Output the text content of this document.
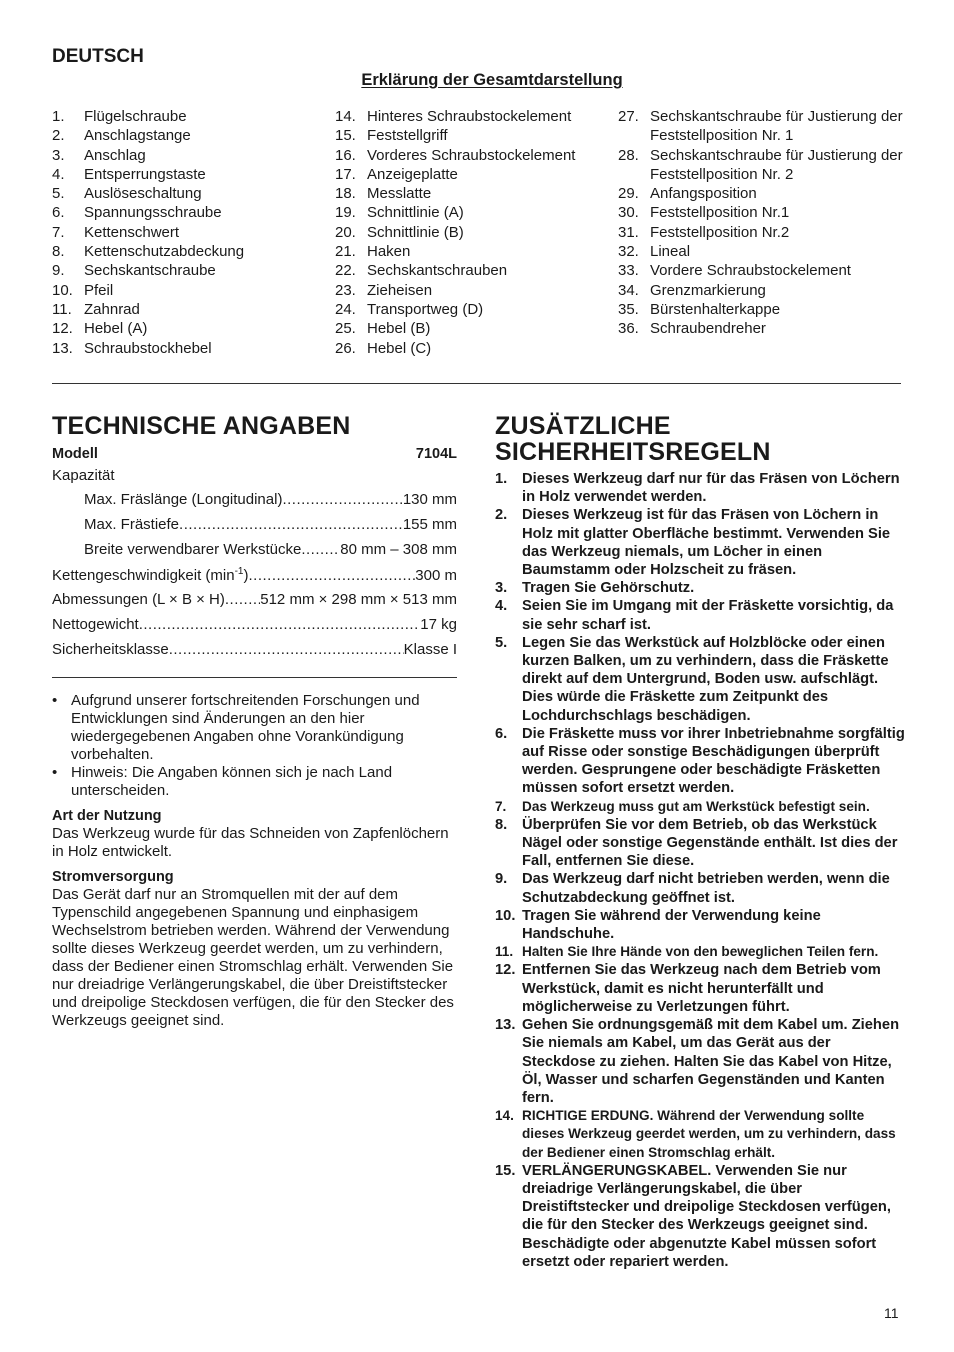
DEUTSCH
Erklärung der Gesamtdarstellung
1.	Flügelschraube
2.	Anschlagstange
3.	Anschlag
4.	Entsperrungstaste
5.	Auslöseschaltung
6.	Spannungsschraube
7.	Kettenschwert
8.	Kettenschutzabdeckung
9.	Sechskantschraube
10. Pfeil
11. Zahnrad
12. Hebel (A)
13. Schraubstockhebel
14. Hinteres Schraubstockelement
15. Feststellgriff
16. Vorderes Schraubstockelement
17. Anzeigeplatte
18. Messlatte
19. Schnittlinie (A)
20. Schnittlinie (B)
21. Haken
22. Sechskantschrauben
23. Zieheisen
24. Transportweg (D)
25. Hebel (B)
26. Hebel (C)
27. Sechskantschraube für Justierung der Feststellposition Nr. 1
28. Sechskantschraube für Justierung der Feststellposition Nr. 2
29. Anfangsposition
30. Feststellposition Nr.1
31. Feststellposition Nr.2
32. Lineal
33. Vordere Schraubstockelement
34. Grenzmarkierung
35. Bürstenhalterkappe
36. Schraubendreher
TECHNISCHE ANGABEN
Modell	7104L
Kapazität
Max. Fräslänge (Longitudinal) .....	130 mm
Max. Frästiefe .....	155 mm
Breite verwendbarer Werkstücke .....	80 mm – 308 mm
Kettengeschwindigkeit $(\min^{-1})$ .....	300 m
Abmessungen (L × B × H) ..... 512 mm × 298 mm × 513 mm
Nettogewicht .....	17 kg
Sicherheitsklasse .....	Klasse I
• Aufgrund unserer fortschreitenden Forschungen und Entwicklungen sind Änderungen an den hier wiedergegebenen Angaben ohne Vorankündigung vorbehalten.
• Hinweis: Die Angaben können sich je nach Land unterscheiden.
Art der Nutzung

Das Werkzeug wurde für das Schneiden von Zapfenlöchern in Holz entwickelt.

Stromversorgung

Das Gerät darf nur an Stromquellen mit der auf dem Typenschild angegebenen Spannung und einphasigem Wechselstrom betrieben werden. Während der Verwendung sollte dieses Werkzeug geerdet werden, um zu verhindern, dass der Bediener einen Stromschlag erhält. Verwenden Sie nur dreiadrige Verlängerungskabel, die über Dreistiftstecker und dreipolige Steckdosen verfügen, die für den Stecker des Werkzeugs geeignet sind.

ZUSÄTZLICHE SICHERHEITSREGELN
1.	Dieses Werkzeug darf nur für das Fräsen von Löchern in Holz verwendet werden.
2.	Dieses Werkzeug ist für das Fräsen von Löchern in Holz mit glatter Oberfläche bestimmt. Verwenden Sie das Werkzeug niemals, um Löcher in einen Baumstamm oder Holzscheit zu fräsen.
3.	Tragen Sie Gehörschutz.
4.	Seien Sie im Umgang mit der Fräskette vorsichtig, da sie sehr scharf ist.
5.	Legen Sie das Werkstück auf Holzblöcke oder einen kurzen Balken, um zu verhindern, dass die Fräskette direkt auf dem Untergrund, Boden usw. aufschlägt. Dies würde die Fräskette zum Zeitpunkt des Lochdurchschlags beschädigen.
6.	Die Fräskette muss vor ihrer Inbetriebnahme sorgfältig auf Risse oder sonstige Beschädigungen überprüft werden. Gesprungene oder beschädigte Fräsketten müssen sofort ersetzt werden.
7.	Das Werkzeug muss gut am Werkstück befestigt sein.
8.	Überprüfen Sie vor dem Betrieb, ob das Werkstück Nägel oder sonstige Gegenstände enthält. Ist dies der Fall, entfernen Sie diese.
9.	Das Werkzeug darf nicht betrieben werden, wenn die Schutzabdeckung geöffnet ist.
10. Tragen Sie während der Verwendung keine Handschuhe.
11. Halten Sie Ihre Hände von den beweglichen Teilen fern.
12. Entfernen Sie das Werkzeug nach dem Betrieb vom Werkstück, damit es nicht herunterfällt und möglicherweise zu Verletzungen führt.
13. Gehen Sie ordnungsgemäß mit dem Kabel um. Ziehen Sie niemals am Kabel, um das Gerät aus der Steckdose zu ziehen. Halten Sie das Kabel von Hitze, Öl, Wasser und scharfen Gegenständen und Kanten fern.
14. RICHTIGE ERDUNG. Während der Verwendung sollte dieses Werkzeug geerdet werden, um zu verhindern, dass der Bediener einen Stromschlag erhält.
15. VERLÄNGERUNGSKABEL. Verwenden Sie nur dreiadrige Verlängerungskabel, die über Dreistiftstecker und dreipolige Steckdosen verfügen, die für den Stecker des Werkzeugs geeignet sind. Beschädigte oder abgenutzte Kabel müssen sofort ersetzt oder repariert werden.
11
